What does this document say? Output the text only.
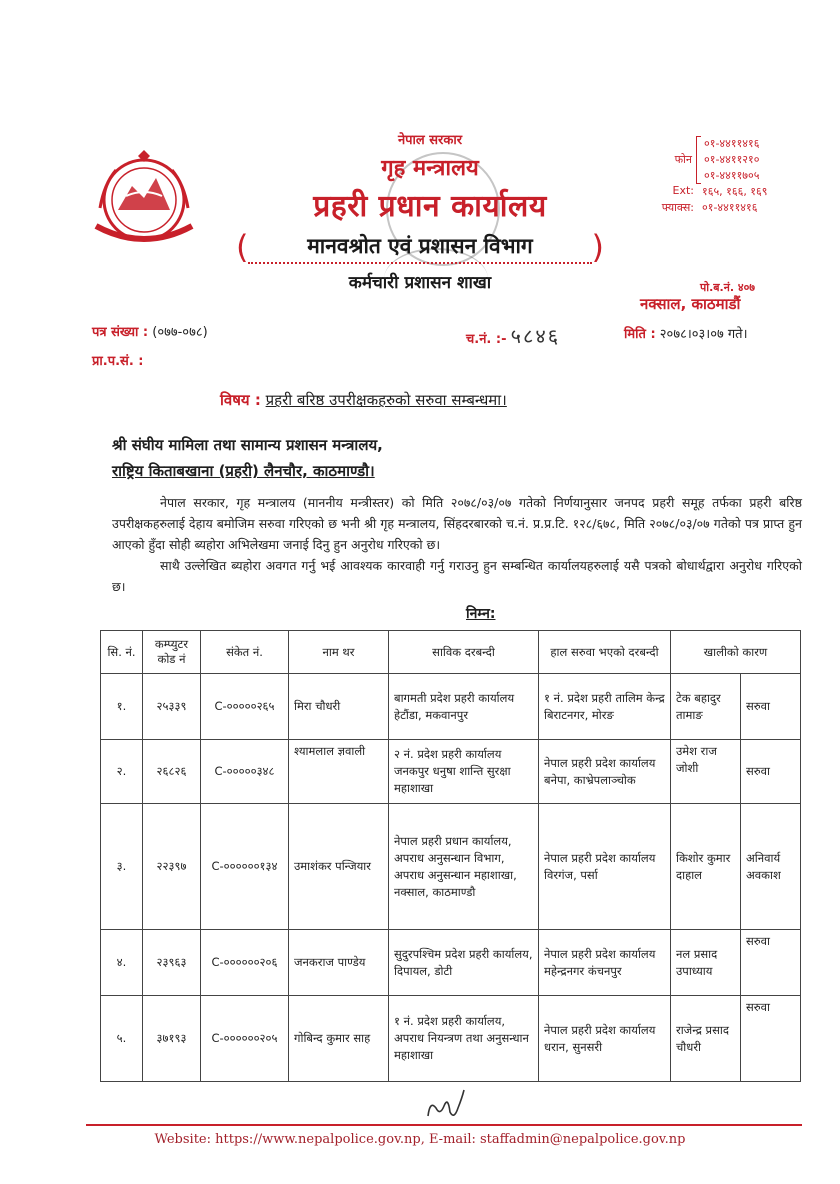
नेपाल सरकार
गृह मन्त्रालय
प्रहरी प्रधान कार्यालय
(	मानवश्रोत एवं प्रशासन विभाग	)
कर्मचारी प्रशासन शाखा
फोन
०१-४४११४१६
०१-४४११२१०
०१-४४११७०५
Ext: १६५, १६६, १६९
फ्याक्स: ०१-४४११४१६
पो.ब.नं. ४०७
नक्साल, काठमाडौं
पत्र संख्या : (०७७-०७८)	च.नं. :- ५८४६	मिति : २०७८।०३।०७ गते।
प्रा.प.सं. :
विषय : प्रहरी बरिष्ठ उपरीक्षकहरुको सरुवा सम्बन्धमा।
श्री संघीय मामिला तथा सामान्य प्रशासन मन्त्रालय,
राष्ट्रिय किताबखाना (प्रहरी) लैनचौर, काठमाण्डौ।

नेपाल सरकार, गृह मन्त्रालय (माननीय मन्त्रीस्तर) को मिति २०७८/०३/०७ गतेको निर्णयानुसार जनपद प्रहरी समूह तर्फका प्रहरी बरिष्ठ उपरीक्षकहरुलाई देहाय बमोजिम सरुवा गरिएको छ भनी श्री गृह मन्त्रालय, सिंहदरबारको च.नं. प्र.प्र.टि. १२८/६७८, मिति २०७८/०३/०७ गतेको पत्र प्राप्त हुन आएको हुँदा सोही ब्यहोरा अभिलेखमा जनाई दिनु हुन अनुरोध गरिएको छ।

साथै उल्लेखित ब्यहोरा अवगत गर्नु भई आवश्यक कारवाही गर्नु गराउनु हुन सम्बन्धित कार्यालयहरुलाई यसै पत्रको बोधार्थद्वारा अनुरोध गरिएको छ।

निम्न:
सि. नं.	कम्प्युटर कोड नं	संकेत नं.	नाम थर	साविक दरबन्दी	हाल सरुवा भएको दरबन्दी	खालीको कारण	
१.	२५३३९	C-०००००२६५	मिरा चौधरी	बागमती प्रदेश प्रहरी कार्यालय हेटौंडा, मकवानपुर	१ नं. प्रदेश प्रहरी तालिम केन्द्र बिराटनगर, मोरङ	टेक बहादुर तामाङ	सरुवा
२.	२६८२६	C-०००००३४८	श्यामलाल ज्ञवाली	२ नं. प्रदेश प्रहरी कार्यालय जनकपुर धनुषा शान्ति सुरक्षा महाशाखा	नेपाल प्रहरी प्रदेश कार्यालय बनेपा, काभ्रेपलाञ्चोक	उमेश राज जोशी	सरुवा
३.	२२३९७	C-००००००१३४	उमाशंकर पन्जियार	नेपाल प्रहरी प्रधान कार्यालय, अपराध अनुसन्धान विभाग, अपराध अनुसन्धान महाशाखा, नक्साल, काठमाण्डौ	नेपाल प्रहरी प्रदेश कार्यालय विरगंज, पर्सा	किशोर कुमार दाहाल	अनिवार्य अवकाश
४.	२३९६३	C-००००००२०६	जनकराज पाण्डेय	सुदुरपश्चिम प्रदेश प्रहरी कार्यालय, दिपायल, डोटी	नेपाल प्रहरी प्रदेश कार्यालय महेन्द्रनगर कंचनपुर	नल प्रसाद उपाध्याय	सरुवा
५.	३७१९३	C-००००००२०५	गोबिन्द कुमार साह	१ नं. प्रदेश प्रहरी कार्यालय, अपराध नियन्त्रण तथा अनुसन्धान महाशाखा	नेपाल प्रहरी प्रदेश कार्यालय धरान, सुनसरी	राजेन्द्र प्रसाद चौधरी	सरुवा
Website: https://www.nepalpolice.gov.np, E-mail: staffadmin@nepalpolice.gov.np
